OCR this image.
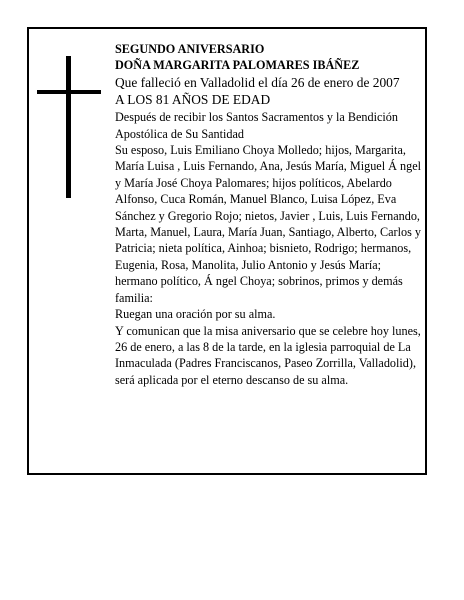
SEGUNDO ANIVERSARIO

DOÑA MARGARITA PALOMARES IBÁÑEZ

Que falleció en Valladolid el día 26 de enero de 2007

A LOS 81 AÑOS DE EDAD

Después de recibir los Santos Sacramentos y la Bendición Apostólica de Su Santidad

Su esposo, Luis Emiliano Choya Molledo; hijos, Margarita, María Luisa , Luis Fernando, Ana, Jesús María, Miguel Á ngel y María José Choya Palomares; hijos políticos, Abelardo Alfonso, Cuca Román, Manuel Blanco, Luisa López, Eva Sánchez y Gregorio Rojo; nietos, Javier , Luis, Luis Fernando, Marta, Manuel, Laura, María Juan, Santiago, Alberto, Carlos y Patricia; nieta política, Ainhoa; bisnieto, Rodrigo; hermanos, Eugenia, Rosa, Manolita, Julio Antonio y Jesús María; hermano político, Á ngel Choya; sobrinos, primos y demás familia:

Ruegan una oración por su alma.

Y comunican que la misa aniversario que se celebre hoy lunes, 26 de enero, a las 8 de la tarde, en la iglesia parroquial de La Inmaculada (Padres Franciscanos, Paseo Zorrilla, Valladolid), será aplicada por el eterno descanso de su alma.
